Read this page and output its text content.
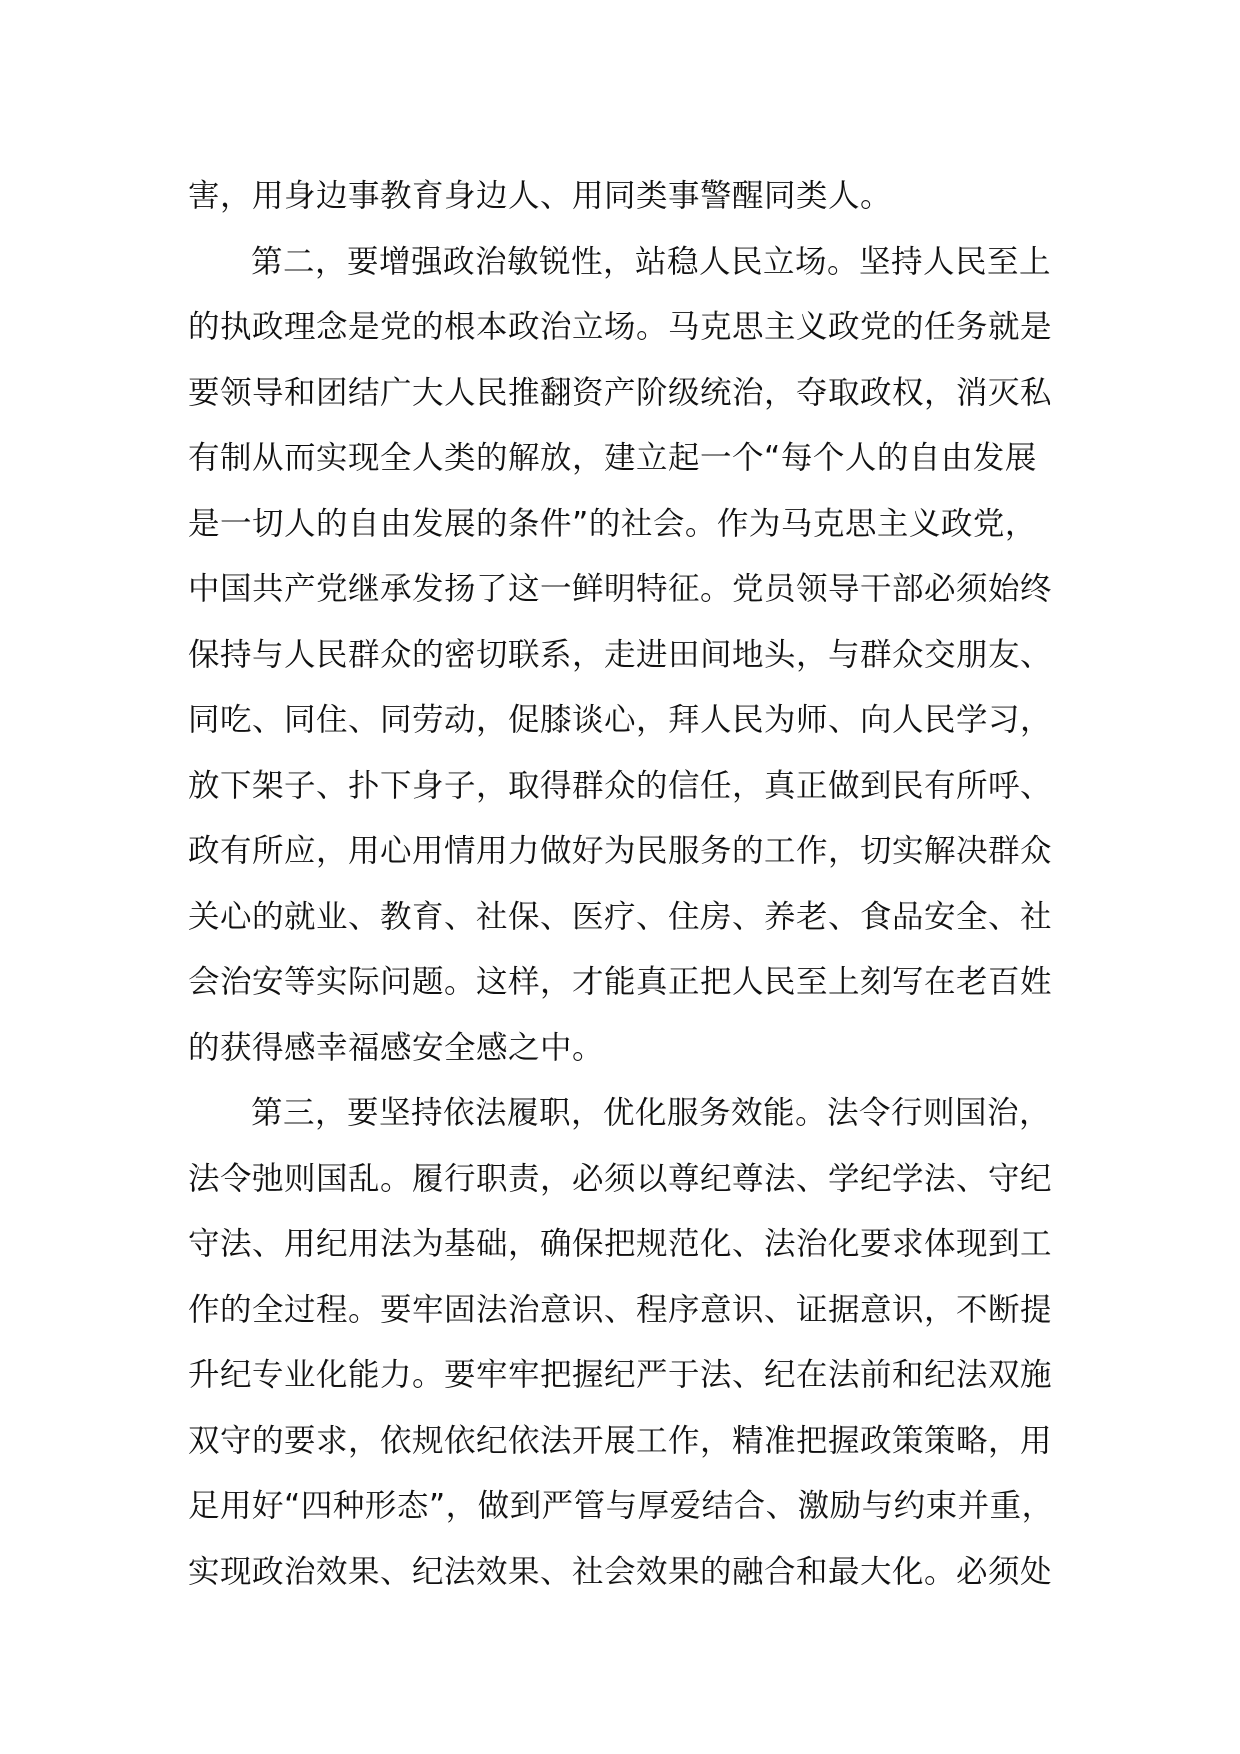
害，用身边事教育身边人、用同类事警醒同类人。
第二，要增强政治敏锐性，站稳人民立场。坚持人民至上
的执政理念是党的根本政治立场。马克思主义政党的任务就是
要领导和团结广大人民推翻资产阶级统治，夺取政权，消灭私
有制从而实现全人类的解放，建立起一个“每个人的自由发展
是一切人的自由发展的条件”的社会。作为马克思主义政党，
中国共产党继承发扬了这一鲜明特征。党员领导干部必须始终
保持与人民群众的密切联系，走进田间地头，与群众交朋友、
同吃、同住、同劳动，促膝谈心，拜人民为师、向人民学习，
放下架子、扑下身子，取得群众的信任，真正做到民有所呼、
政有所应，用心用情用力做好为民服务的工作，切实解决群众
关心的就业、教育、社保、医疗、住房、养老、食品安全、社
会治安等实际问题。这样，才能真正把人民至上刻写在老百姓
的获得感幸福感安全感之中。
第三，要坚持依法履职，优化服务效能。法令行则国治，
法令弛则国乱。履行职责，必须以尊纪尊法、学纪学法、守纪
守法、用纪用法为基础，确保把规范化、法治化要求体现到工
作的全过程。要牢固法治意识、程序意识、证据意识，不断提
升纪专业化能力。要牢牢把握纪严于法、纪在法前和纪法双施
双守的要求，依规依纪依法开展工作，精准把握政策策略，用
足用好“四种形态”，做到严管与厚爱结合、激励与约束并重，
实现政治效果、纪法效果、社会效果的融合和最大化。必须处
